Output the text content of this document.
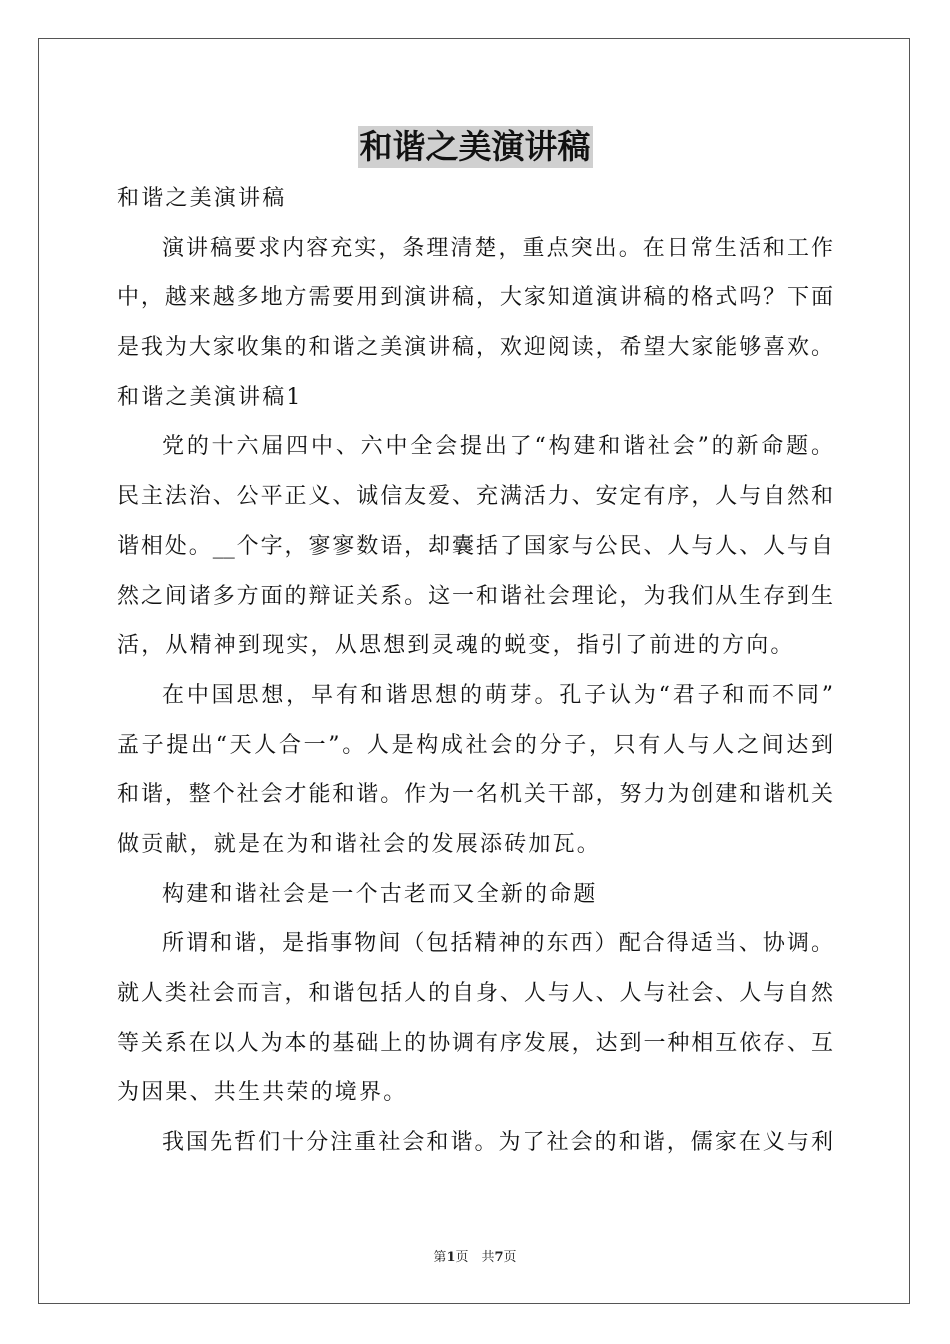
和谐之美演讲稿
和谐之美演讲稿
演讲稿要求内容充实，条理清楚，重点突出。在日常生活和工作
中，越来越多地方需要用到演讲稿，大家知道演讲稿的格式吗？下面
是我为大家收集的和谐之美演讲稿，欢迎阅读，希望大家能够喜欢。
和谐之美演讲稿1
党的十六届四中、六中全会提出了“构建和谐社会”的新命题。
民主法治、公平正义、诚信友爱、充满活力、安定有序，人与自然和
谐相处。__个字，寥寥数语，却囊括了国家与公民、人与人、人与自
然之间诸多方面的辩证关系。这一和谐社会理论，为我们从生存到生
活，从精神到现实，从思想到灵魂的蜕变，指引了前进的方向。
在中国思想，早有和谐思想的萌芽。孔子认为“君子和而不同”
孟子提出“天人合一”。人是构成社会的分子，只有人与人之间达到
和谐，整个社会才能和谐。作为一名机关干部，努力为创建和谐机关
做贡献，就是在为和谐社会的发展添砖加瓦。
构建和谐社会是一个古老而又全新的命题
所谓和谐，是指事物间（包括精神的东西）配合得适当、协调。
就人类社会而言，和谐包括人的自身、人与人、人与社会、人与自然
等关系在以人为本的基础上的协调有序发展，达到一种相互依存、互
为因果、共生共荣的境界。
我国先哲们十分注重社会和谐。为了社会的和谐，儒家在义与利
第1页　共7页
